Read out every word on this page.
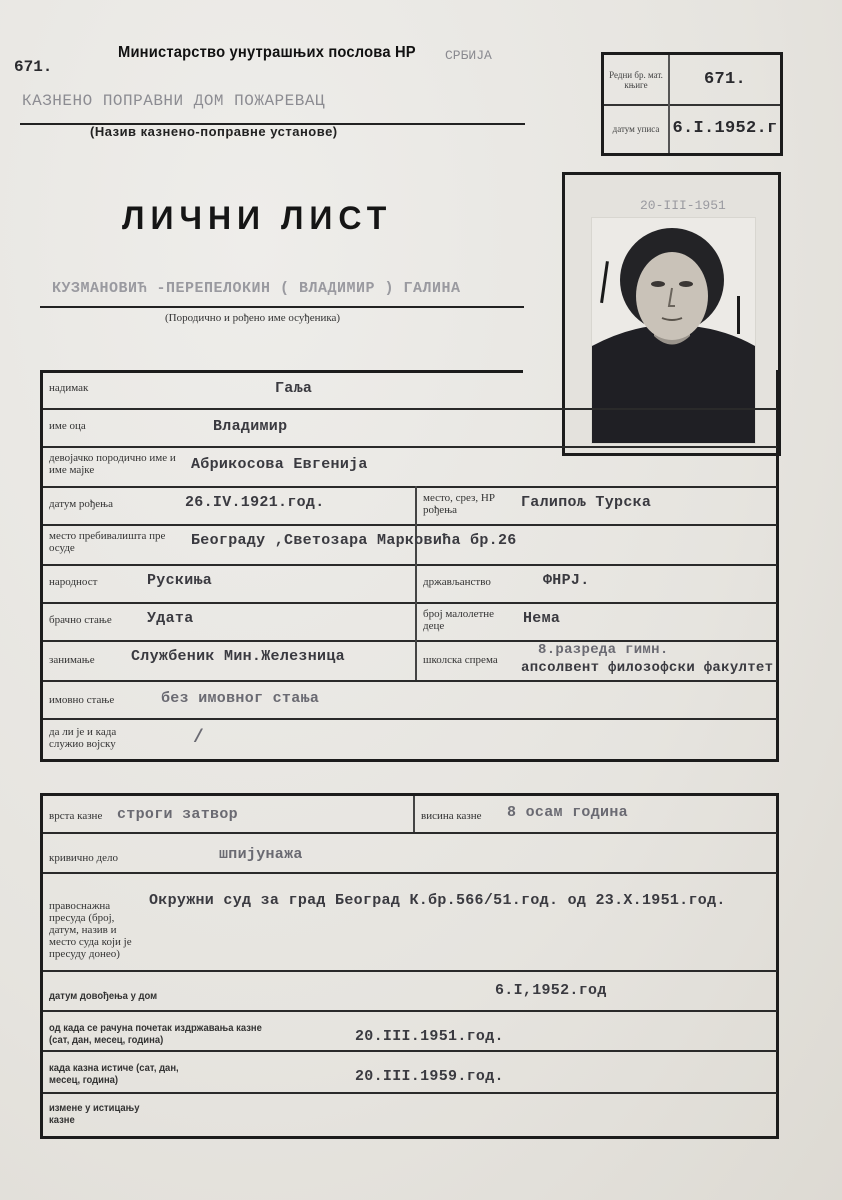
671.
Министарство унутрашњих послова НР СРБИЈА
КАЗНЕНО ПОПРАВНИ ДОМ ПОЖАРЕВАЦ
(Назив казнено-поправне установе)
Редни бр. мат. књиге	671.
датум уписа 6.I.1952.г
20-III-1951
ЛИЧНИ ЛИСТ
КУЗМАНОВИЋ -ПЕРЕПЕЛОКИН ( ВЛАДИМИР ) ГАЛИНА
(Породично и рођено име осуђеника)
надимак	Гаља
име оца	Владимир
девојачко породично име и име мајке	Абрикосова Евгенија
датум рођења	26.IV.1921.год.	место, срез, НР рођења	Галипољ Турска
место пребивалишта пре осуде	Београду ,Светозара Марковића бр.26
народност	Рускиња	држављанство	ФНРЈ.
брачно стање Удата	број малолетне деце	Нема
занимање Службеник Мин.Железница	школска спрема
8.разреда гимн.
апсолвент филозофски факултет
имовно стање	без имовног стања
да ли је и када служио војску	/
врста казне строги затвор	висина казне 8 осам година
кривично дело	шпијунажа
правоснажна пресуда (број, датум, назив и место суда који је пресуду донео)
Окружни суд за град Београд К.бр.566/51.год. од 23.X.1951.год.
датум довођења у дом	6.I,1952.год
од када се рачуна почетак издржавања казне (сат, дан, месец, година)	20.III.1951.год.
када казна истиче (сат, дан, месец, година)	20.III.1959.год.
измене у истицању казне
